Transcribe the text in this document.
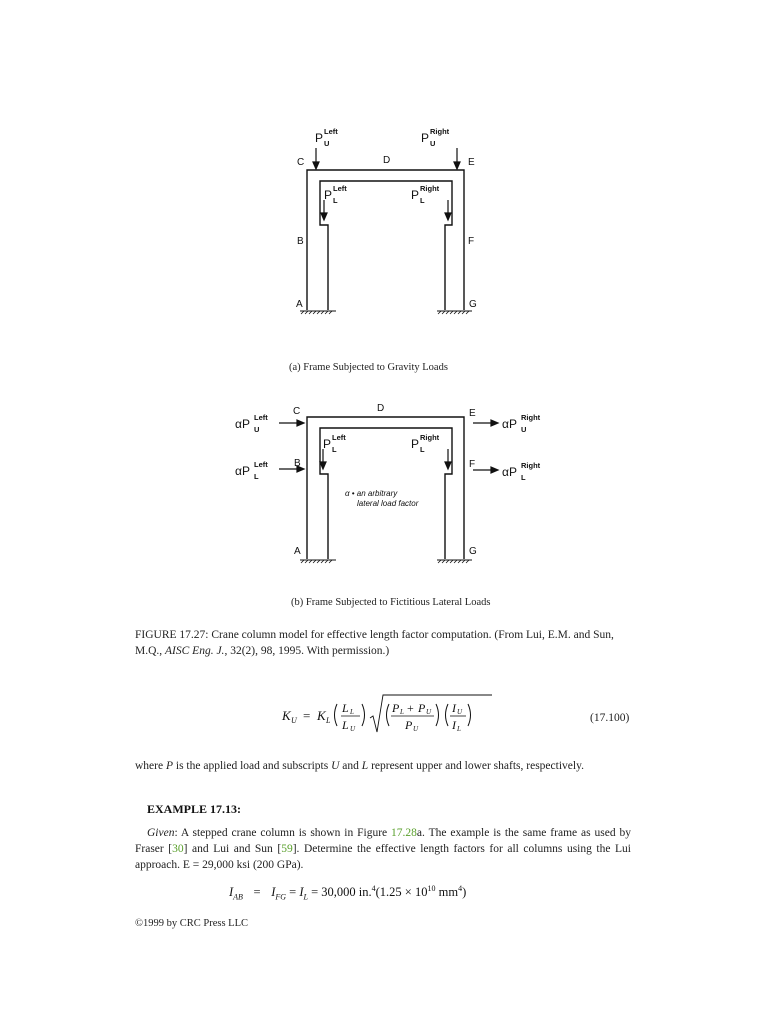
P Left
U	P Right
U
P Left
L	P Right
L
C	D	E
B	F
A	G
(a) Frame Subjected to Gravity Loads
αP Left
U
αP Left
L
αP Right
U
αP Right
L
P Left
L	P Right
L
α • an arbitrary
lateral load factor
C	D	E
B	F
A	G
(b) Frame Subjected to Fictitious Lateral Loads
FIGURE 17.27: Crane column model for effective length factor computation. (From Lui, E.M. and Sun, M.Q., AISC Eng. J., 32(2), 98, 1995. With permission.)
K U = K L
L L
L U
P L + P U
P U
I U
I L
(17.100)
where P is the applied load and subscripts U and L represent upper and lower shafts, respectively.
EXAMPLE 17.13:
Given: A stepped crane column is shown in Figure 17.28a. The example is the same frame as used by Fraser [30] and Lui and Sun [59]. Determine the effective length factors for all columns using the Lui approach. E = 29,000 ksi (200 GPa).
$I_{AB} = I_{FG} = I_L = 30,000$ $in.^4(1.25 \times 10^{10}$ $mm^4$)
©1999 by CRC Press LLC
